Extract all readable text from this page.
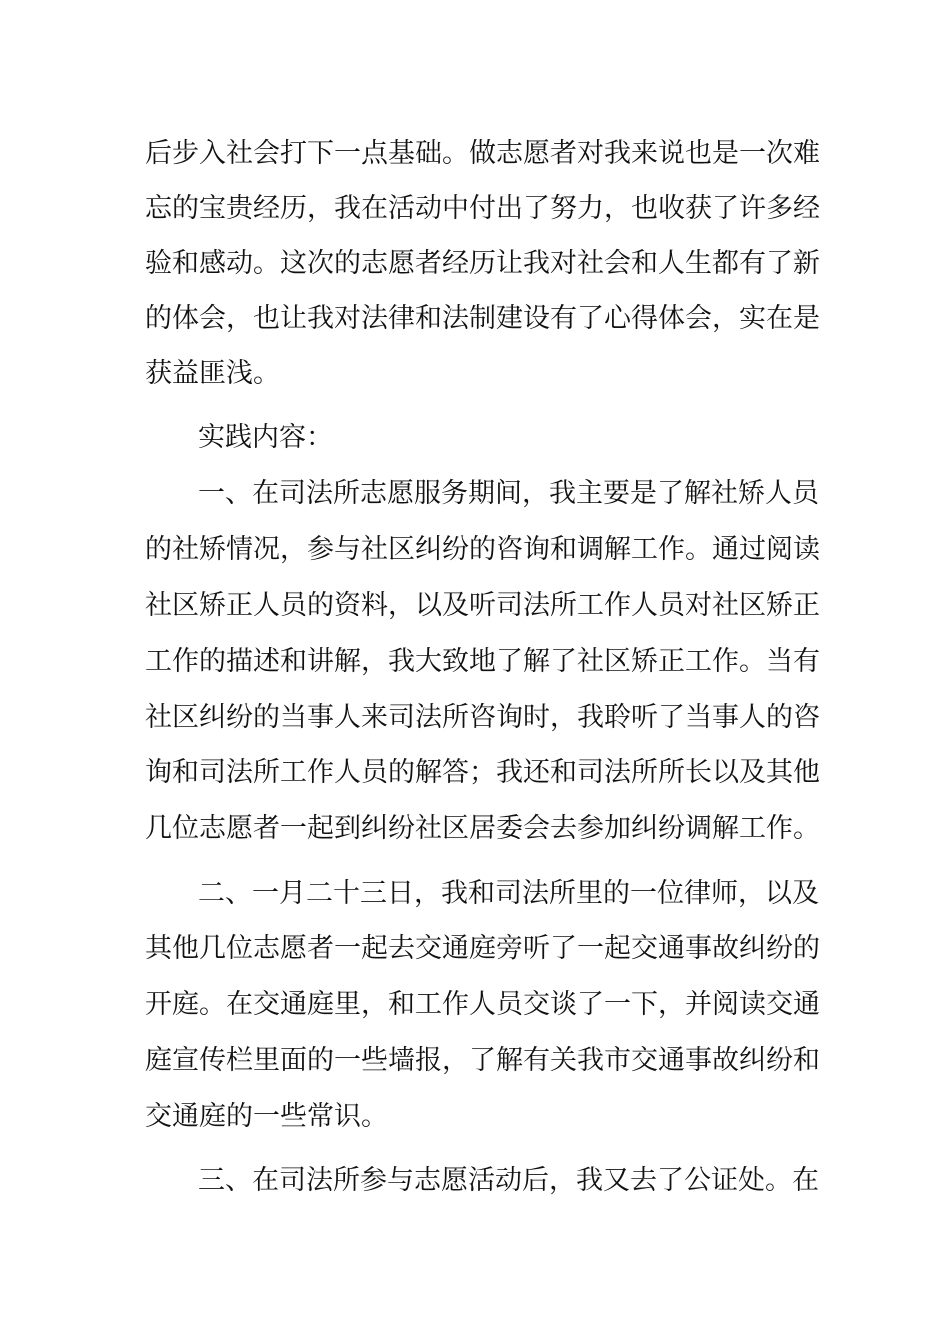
后步入社会打下一点基础。做志愿者对我来说也是一次难
忘的宝贵经历，我在活动中付出了努力，也收获了许多经
验和感动。这次的志愿者经历让我对社会和人生都有了新
的体会，也让我对法律和法制建设有了心得体会，实在是
获益匪浅。
实践内容：
一、在司法所志愿服务期间，我主要是了解社矫人员
的社矫情况，参与社区纠纷的咨询和调解工作。通过阅读
社区矫正人员的资料，以及听司法所工作人员对社区矫正
工作的描述和讲解，我大致地了解了社区矫正工作。当有
社区纠纷的当事人来司法所咨询时，我聆听了当事人的咨
询和司法所工作人员的解答；我还和司法所所长以及其他
几位志愿者一起到纠纷社区居委会去参加纠纷调解工作。
二、一月二十三日，我和司法所里的一位律师，以及
其他几位志愿者一起去交通庭旁听了一起交通事故纠纷的
开庭。在交通庭里，和工作人员交谈了一下，并阅读交通
庭宣传栏里面的一些墙报，了解有关我市交通事故纠纷和
交通庭的一些常识。
三、在司法所参与志愿活动后，我又去了公证处。在
